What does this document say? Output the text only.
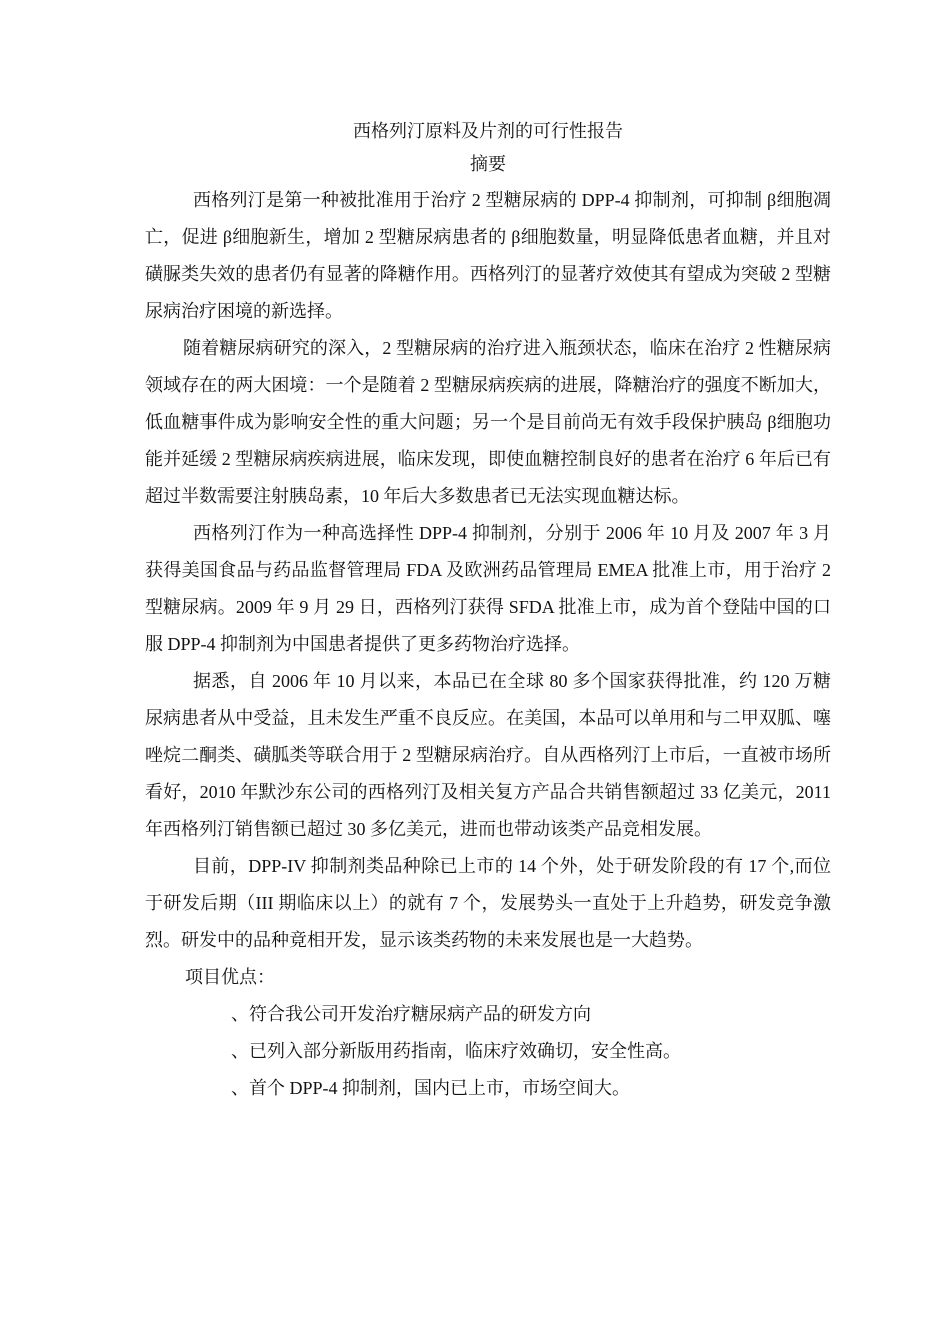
西格列汀原料及片剂的可行性报告
摘要

西格列汀是第一种被批准用于治疗 2 型糖尿病的 DPP-4 抑制剂，可抑制 β细胞凋亡，促进 β细胞新生，增加 2 型糖尿病患者的 β细胞数量，明显降低患者血糖，并且对磺脲类失效的患者仍有显著的降糖作用。西格列汀的显著疗效使其有望成为突破 2 型糖尿病治疗困境的新选择。

随着糖尿病研究的深入，2 型糖尿病的治疗进入瓶颈状态，临床在治疗 2 性糖尿病领域存在的两大困境：一个是随着 2 型糖尿病疾病的进展，降糖治疗的强度不断加大，低血糖事件成为影响安全性的重大问题；另一个是目前尚无有效手段保护胰岛 β细胞功能并延缓 2 型糖尿病疾病进展，临床发现，即使血糖控制良好的患者在治疗 6 年后已有超过半数需要注射胰岛素，10 年后大多数患者已无法实现血糖达标。

西格列汀作为一种高选择性 DPP-4 抑制剂，分别于 2006 年 10 月及 2007 年 3 月获得美国食品与药品监督管理局 FDA 及欧洲药品管理局 EMEA 批准上市，用于治疗 2 型糖尿病。2009 年 9 月 29 日，西格列汀获得 SFDA 批准上市，成为首个登陆中国的口服 DPP-4 抑制剂为中国患者提供了更多药物治疗选择。

据悉，自 2006 年 10 月以来，本品已在全球 80 多个国家获得批准，约 120 万糖尿病患者从中受益，且未发生严重不良反应。在美国，本品可以单用和与二甲双胍、噻唑烷二酮类、磺胍类等联合用于 2 型糖尿病治疗。自从西格列汀上市后，一直被市场所看好，2010 年默沙东公司的西格列汀及相关复方产品合共销售额超过 33 亿美元，2011 年西格列汀销售额已超过 30 多亿美元，进而也带动该类产品竞相发展。

目前，DPP-IV 抑制剂类品种除已上市的 14 个外，处于研发阶段的有 17 个,而位于研发后期（III 期临床以上）的就有 7 个，发展势头一直处于上升趋势，研发竞争激烈。研发中的品种竟相开发，显示该类药物的未来发展也是一大趋势。

项目优点：

、符合我公司开发治疗糖尿病产品的研发方向
、已列入部分新版用药指南，临床疗效确切，安全性高。
、首个 DPP-4 抑制剂，国内已上市，市场空间大。
